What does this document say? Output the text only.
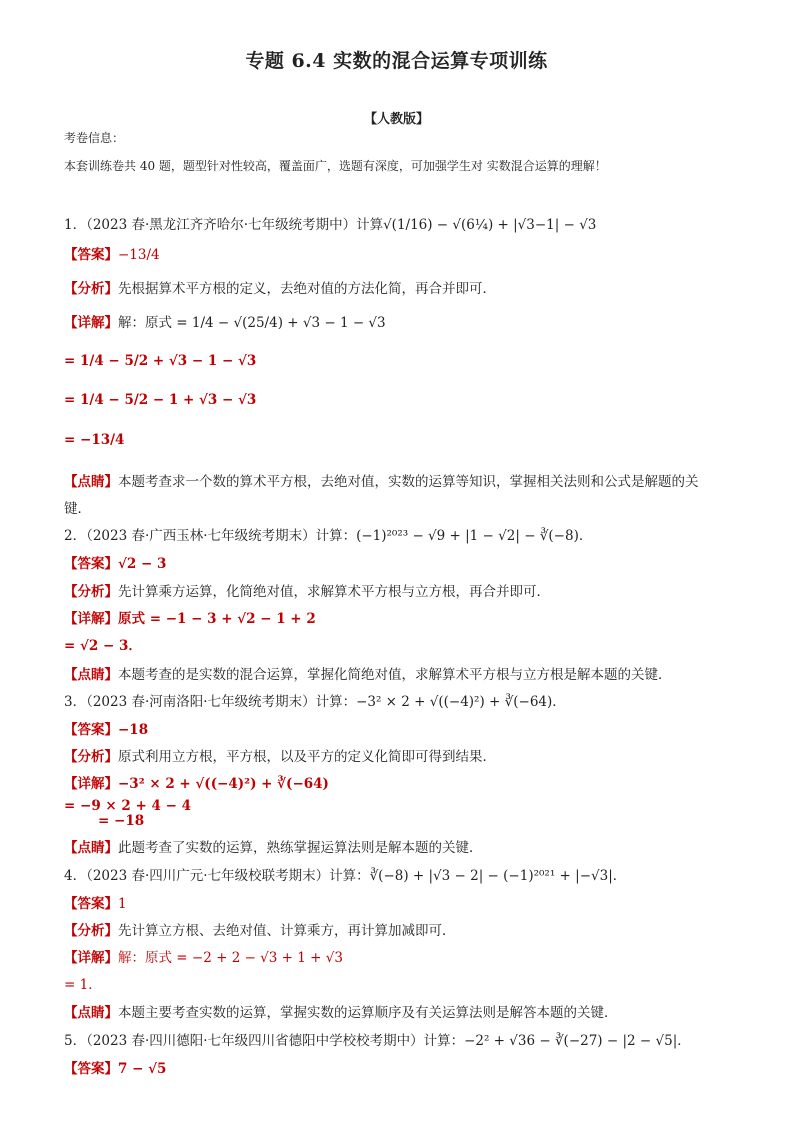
专题 6.4 实数的混合运算专项训练
【人教版】
考卷信息：
本套训练卷共 40 题，题型针对性较高，覆盖面广，选题有深度，可加强学生对 实数混合运算的理解！
1．（2023 春·黑龙江齐齐哈尔·七年级统考期中）计算√(1/16) − √(6¼) + |√3−1| − √3
【答案】−13/4
【分析】先根据算术平方根的定义，去绝对值的方法化简，再合并即可．
【详解】解：原式 = 1/4 − √(25/4) + √3 − 1 − √3
= 1/4 − 5/2 + √3 − 1 − √3
= 1/4 − 5/2 − 1 + √3 − √3
= −13/4
【点睛】本题考查求一个数的算术平方根，去绝对值，实数的运算等知识，掌握相关法则和公式是解题的关
键．
2．（2023 春·广西玉林·七年级统考期末）计算：(−1)²⁰²³ − √9 + |1 − √2| − ∛(−8)．
【答案】√2 − 3
【分析】先计算乘方运算，化简绝对值，求解算术平方根与立方根，再合并即可．
【详解】原式 = −1 − 3 + √2 − 1 + 2
= √2 − 3．
【点睛】本题考查的是实数的混合运算，掌握化简绝对值，求解算术平方根与立方根是解本题的关键．
3．（2023 春·河南洛阳·七年级统考期末）计算：−3² × 2 + √((−4)²) + ∛(−64)．
【答案】−18
【分析】原式利用立方根，平方根，以及平方的定义化简即可得到结果．
【详解】−3² × 2 + √((−4)²) + ∛(−64)
= −9 × 2 + 4 − 4
= −18
【点睛】此题考查了实数的运算，熟练掌握运算法则是解本题的关键．
4．（2023 春·四川广元·七年级校联考期末）计算：∛(−8) + |√3 − 2| − (−1)²⁰²¹ + |−√3|．
【答案】1
【分析】先计算立方根、去绝对值、计算乘方，再计算加减即可．
【详解】解：原式 = −2 + 2 − √3 + 1 + √3
= 1．
【点睛】本题主要考查实数的运算，掌握实数的运算顺序及有关运算法则是解答本题的关键．
5．（2023 春·四川德阳·七年级四川省德阳中学校校考期中）计算：−2² + √36 − ∛(−27) − |2 − √5|．
【答案】7 − √5
